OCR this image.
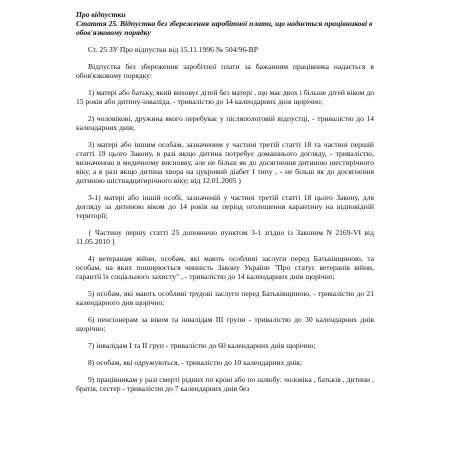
Про відпустки

Стаття 25. Відпустка без збереження заробітної плати, що надається працівникові в обов'язковому порядку

Ст. 25 ЗУ Про відпустки від 15.11.1996 № 504/96-ВР

Відпустка без збереження заробітної плати за бажанням працівника надається в обов'язковому порядку:

1) матері або батьку, який виховує дітей без матері , що має двох і більше дітей віком до 15 років або дитину-інваліда, - тривалістю до 14 календарних днів щорічно;

2) чоловікові, дружина якого перебуває у післяпологовій відпустці, - тривалістю до 14 календарних днів;

3) матері або іншим особам, зазначеним у частині третій статті 18 та частині першій статті 19 цього Закону, в разі якщо дитина потребує домашнього догляду, - тривалістю, визначеною в медичному висновку, але не більш як до досягнення дитиною шестирічного віку, а в разі якщо дитина хвора на цукровий діабет I типу , - не більш як до досягнення дитиною шістнадцятирічного віку; від 12.01.2005 )

3-1) матері або іншій особі, зазначеній у частині третій статті 18 цього Закону, для догляду за дитиною віком до 14 років на період оголошення карантину на відповідній території;

{ Частину першу статті 25 доповнено пунктом 3-1 згідно із Законом N 2169-VI від 11.05.2010 }

4) ветеранам війни, особам, які мають особливі заслуги перед Батьківщиною, та особам, на яких поширюється чинність Закону України "Про статус ветеранів війни, гарантії їх соціального захисту" , - тривалістю до 14 календарних днів щорічно;

5) особам, які мають особливі трудові заслуги перед Батьківщиною, - тривалістю до 21 календарного дня щорічно;

6) пенсіонерам за віком та інвалідам III групи - тривалістю до 30 календарних днів щорічно;

7) інвалідам I та II груп - тривалістю до 60 календарних днів щорічно;

8) особам, які одружуються, - тривалістю до 10 календарних днів;

9) працівникам у разі смерті рідних по крові або по шлюбу: чоловіка , батьків , дитини , братів, сестер - тривалістю до 7 календарних днів без
